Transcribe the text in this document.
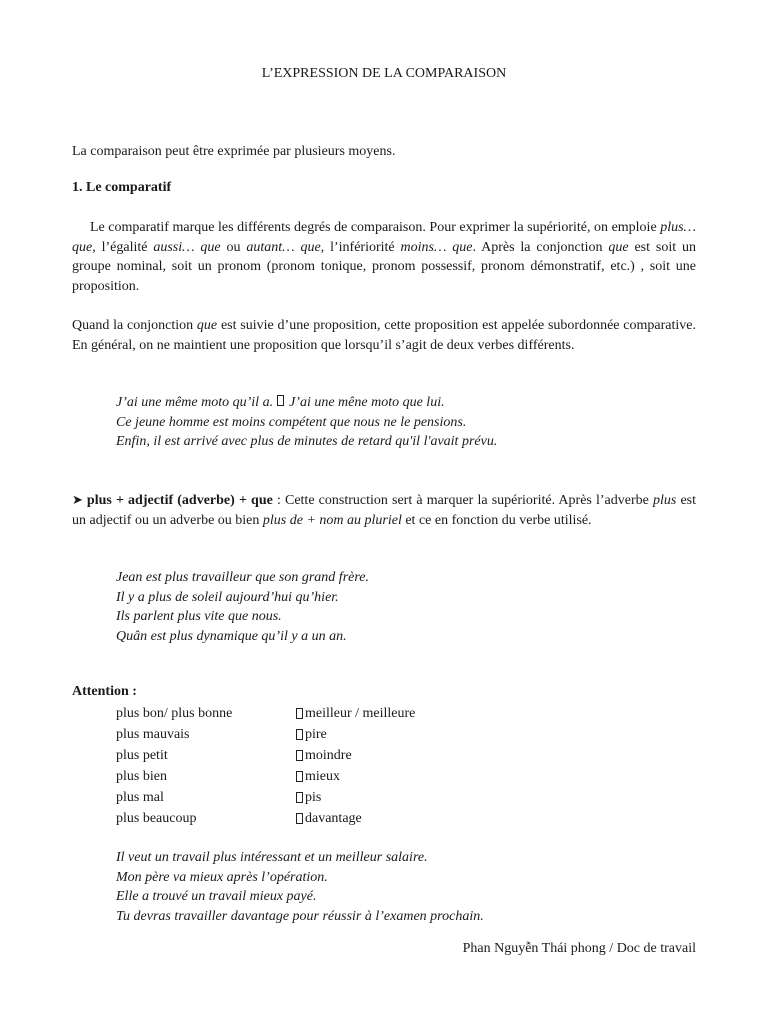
L’EXPRESSION DE LA COMPARAISON
La comparaison peut être exprimée par plusieurs moyens.
1. Le comparatif
Le comparatif marque les différents degrés de comparaison. Pour exprimer la supériorité, on emploie plus… que, l’égalité aussi… que ou autant… que, l’infériorité moins… que. Après la conjonction que est soit un groupe nominal, soit un pronom (pronom tonique, pronom possessif, pronom démonstratif, etc.) , soit une proposition.
Quand la conjonction que est suivie d’une proposition, cette proposition est appelée subordonnée comparative. En général, on ne maintient une proposition que lorsqu’il s’agit de deux verbes différents.
J’ai une même moto qu’il a.  J’ai une mêne moto que lui.
Ce jeune homme est moins compétent que nous ne le pensions.
Enfin, il est arrivé avec plus de minutes de retard qu'il l'avait prévu.
➤ plus + adjectif (adverbe) + que : Cette construction sert à marquer la supériorité. Après l’adverbe plus est un adjectif ou un adverbe ou bien plus de + nom au pluriel et ce en fonction du verbe utilisé.
Jean est plus travailleur que son grand frère.
Il y a plus de soleil aujourd’hui qu’hier.
Ils parlent plus vite que nous.
Quân est plus dynamique qu’il y a un an.
Attention :
plus bon/ plus bonne	meilleur / meilleure
plus mauvais	pire
plus petit	moindre
plus bien	mieux
plus mal	pis
plus beaucoup	davantage
Il veut un travail plus intéressant et un meilleur salaire.
Mon père va mieux après l’opération.
Elle a trouvé un travail mieux payé.
Tu devras travailler davantage pour réussir à l’examen prochain.
Phan Nguyễn Thái phong / Doc de travail
